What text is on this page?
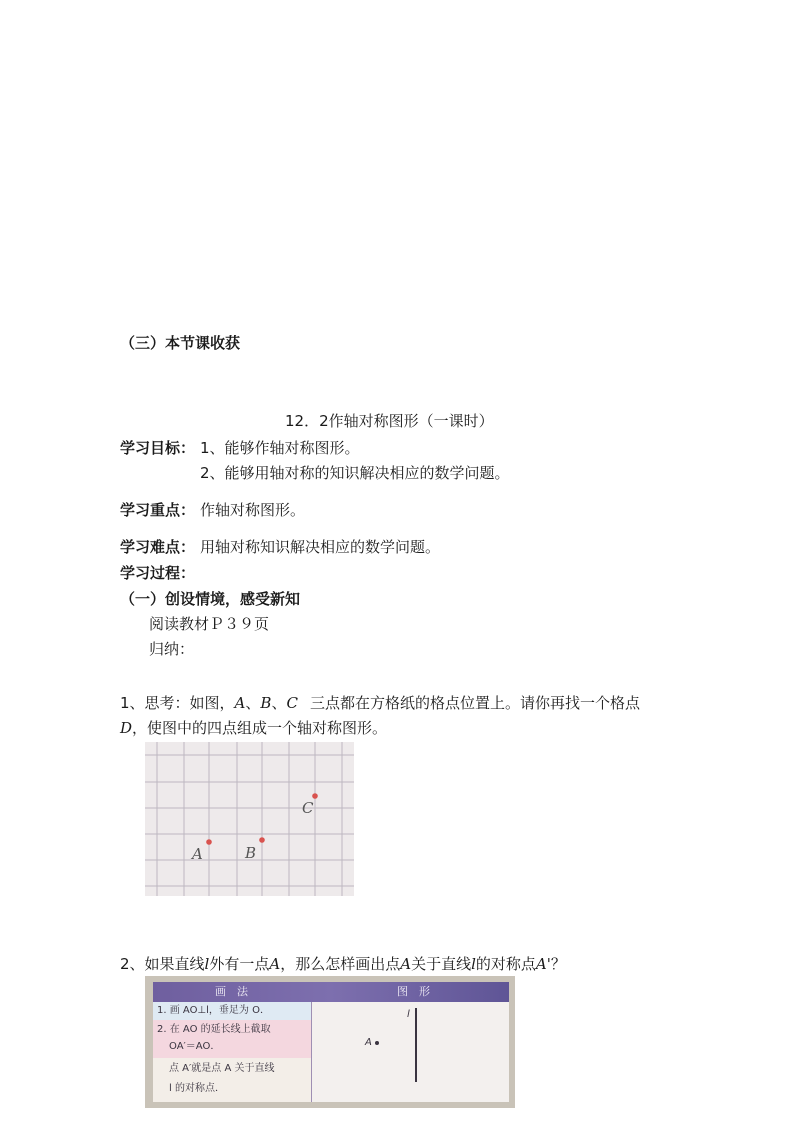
（三）本节课收获
12．2作轴对称图形（一课时）
学习目标： 1、能够作轴对称图形。
2、能够用轴对称的知识解决相应的数学问题。
学习重点： 作轴对称图形。
学习难点： 用轴对称知识解决相应的数学问题。
学习过程：
（一）创设情境，感受新知
阅读教材Ｐ３９页
归纳：
1、思考：如图，A、B、C 三点都在方格纸的格点位置上。请你再找一个格点
D，使图中的四点组成一个轴对称图形。
A	B
C
2、如果直线l外有一点A，那么怎样画出点A关于直线l的对称点A'？
画　法	图　形
1. 画 AO⊥l，垂足为 O．
2. 在 AO 的延长线上截取
OA′＝AO．
点 A′就是点 A 关于直线
l 的对称点．
l
A
